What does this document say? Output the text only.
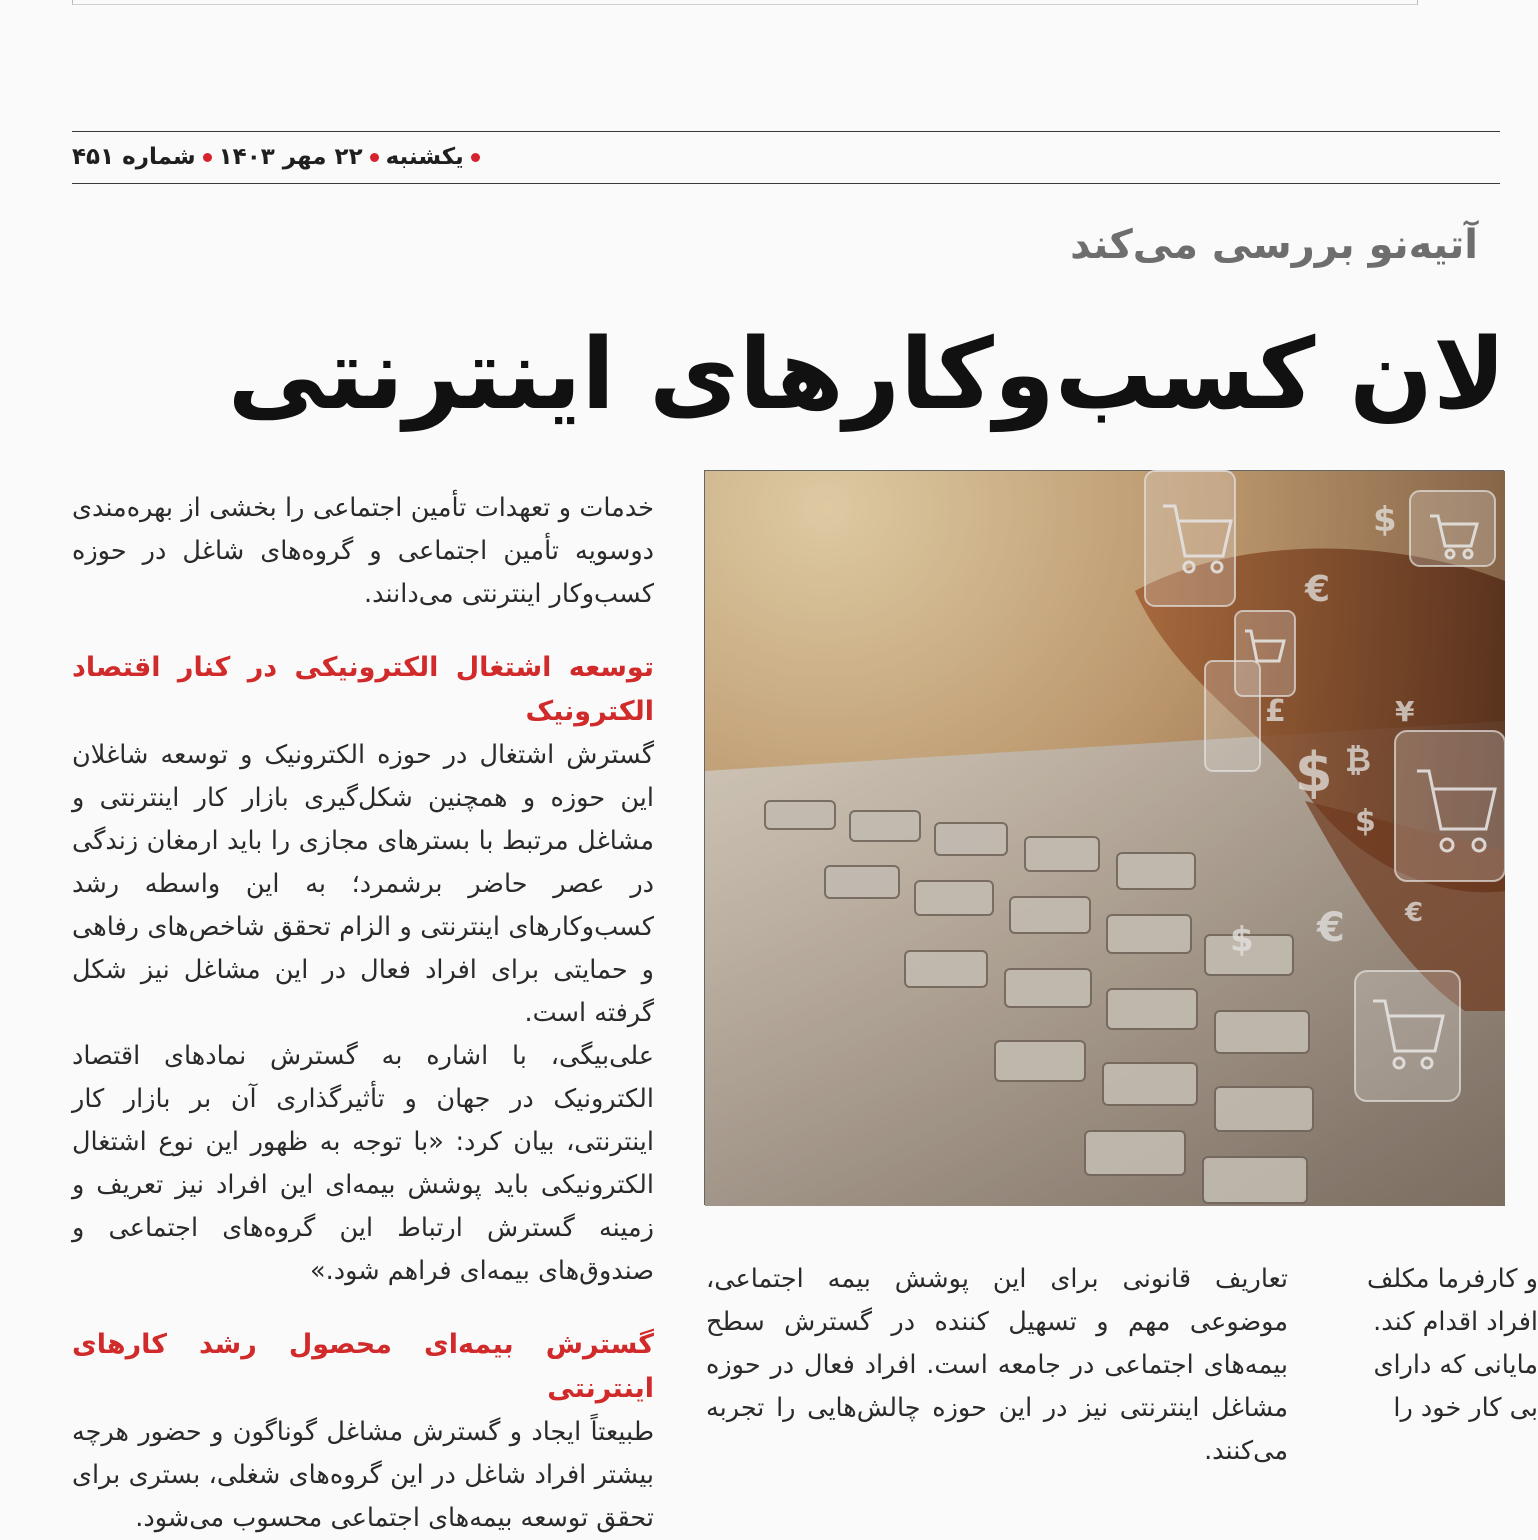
یکشنبه
۲۲ مهر ۱۴۰۳
شماره ۴۵۱
آتیه‌نو بررسی می‌کند
لان کسب‌وکارهای اینترنتی
$
€
£	¥
$ ₿
$
€
$
€

خدمات و تعهدات تأمین اجتماعی را بخشی از بهره‌مندی دوسویه تأمین اجتماعی و گروه‌های شاغل در حوزه کسب‌وکار اینترنتی می‌دانند.

توسعه اشتغال الکترونیکی در کنار اقتصاد الکترونیک

گسترش اشتغال در حوزه الکترونیک و توسعه شاغلان این حوزه و همچنین شکل‌گیری بازار کار اینترنتی و مشاغل مرتبط با بسترهای مجازی را باید ارمغان زندگی در عصر حاضر برشمرد؛ به این واسطه رشد کسب‌وکارهای اینترنتی و الزام تحقق شاخص‌های رفاهی و حمایتی برای افراد فعال در این مشاغل نیز شکل گرفته است.

علی‌بیگی، با اشاره به گسترش نمادهای اقتصاد الکترونیک در جهان و تأثیرگذاری آن بر بازار کار اینترنتی، بیان کرد: «با توجه به ظهور این نوع اشتغال الکترونیکی باید پوشش بیمه‌ای این افراد نیز تعریف و زمینه گسترش ارتباط این گروه‌های اجتماعی و صندوق‌های بیمه‌ای فراهم شود.»

گسترش بیمه‌ای محصول رشد کارهای اینترنتی

طبیعتاً ایجاد و گسترش مشاغل گوناگون و حضور هرچه بیشتر افراد شاغل در این گروه‌های شغلی، بستری برای تحقق توسعه بیمه‌های اجتماعی محسوب می‌شود.

تعاریف قانونی برای این پوشش بیمه اجتماعی، موضوعی مهم و تسهیل کننده در گسترش سطح بیمه‌های اجتماعی در جامعه است. افراد فعال در حوزه مشاغل اینترنتی نیز در این حوزه چالش‌هایی را تجربه می‌کنند.

و کارفرما مکلف افراد اقدام کند. مایانی که دارای بی کار خود را
